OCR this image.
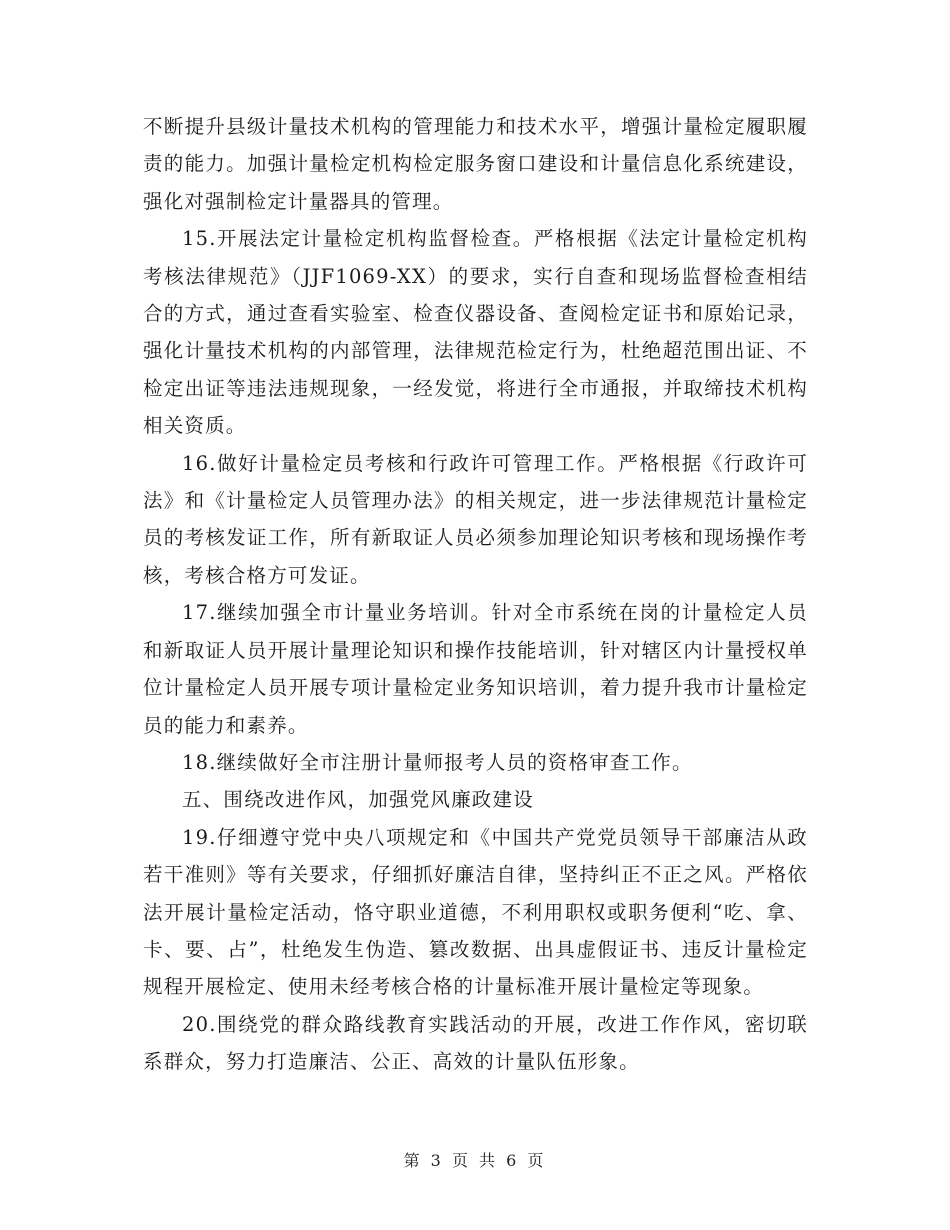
不断提升县级计量技术机构的管理能力和技术水平，增强计量检定履职履责的能力。加强计量检定机构检定服务窗口建设和计量信息化系统建设，强化对强制检定计量器具的管理。

15.开展法定计量检定机构监督检查。严格根据《法定计量检定机构考核法律规范》（JJF1069-XX）的要求，实行自查和现场监督检查相结合的方式，通过查看实验室、检查仪器设备、查阅检定证书和原始记录，强化计量技术机构的内部管理，法律规范检定行为，杜绝超范围出证、不检定出证等违法违规现象，一经发觉，将进行全市通报，并取缔技术机构相关资质。

16.做好计量检定员考核和行政许可管理工作。严格根据《行政许可法》和《计量检定人员管理办法》的相关规定，进一步法律规范计量检定员的考核发证工作，所有新取证人员必须参加理论知识考核和现场操作考核，考核合格方可发证。

17.继续加强全市计量业务培训。针对全市系统在岗的计量检定人员和新取证人员开展计量理论知识和操作技能培训，针对辖区内计量授权单位计量检定人员开展专项计量检定业务知识培训，着力提升我市计量检定员的能力和素养。

18.继续做好全市注册计量师报考人员的资格审查工作。

五、围绕改进作风，加强党风廉政建设

19.仔细遵守党中央八项规定和《中国共产党党员领导干部廉洁从政若干准则》等有关要求，仔细抓好廉洁自律，坚持纠正不正之风。严格依法开展计量检定活动，恪守职业道德，不利用职权或职务便利“吃、拿、卡、要、占”，杜绝发生伪造、篡改数据、出具虚假证书、违反计量检定规程开展检定、使用未经考核合格的计量标准开展计量检定等现象。

20.围绕党的群众路线教育实践活动的开展，改进工作作风，密切联系群众，努力打造廉洁、公正、高效的计量队伍形象。

第 3 页 共 6 页
